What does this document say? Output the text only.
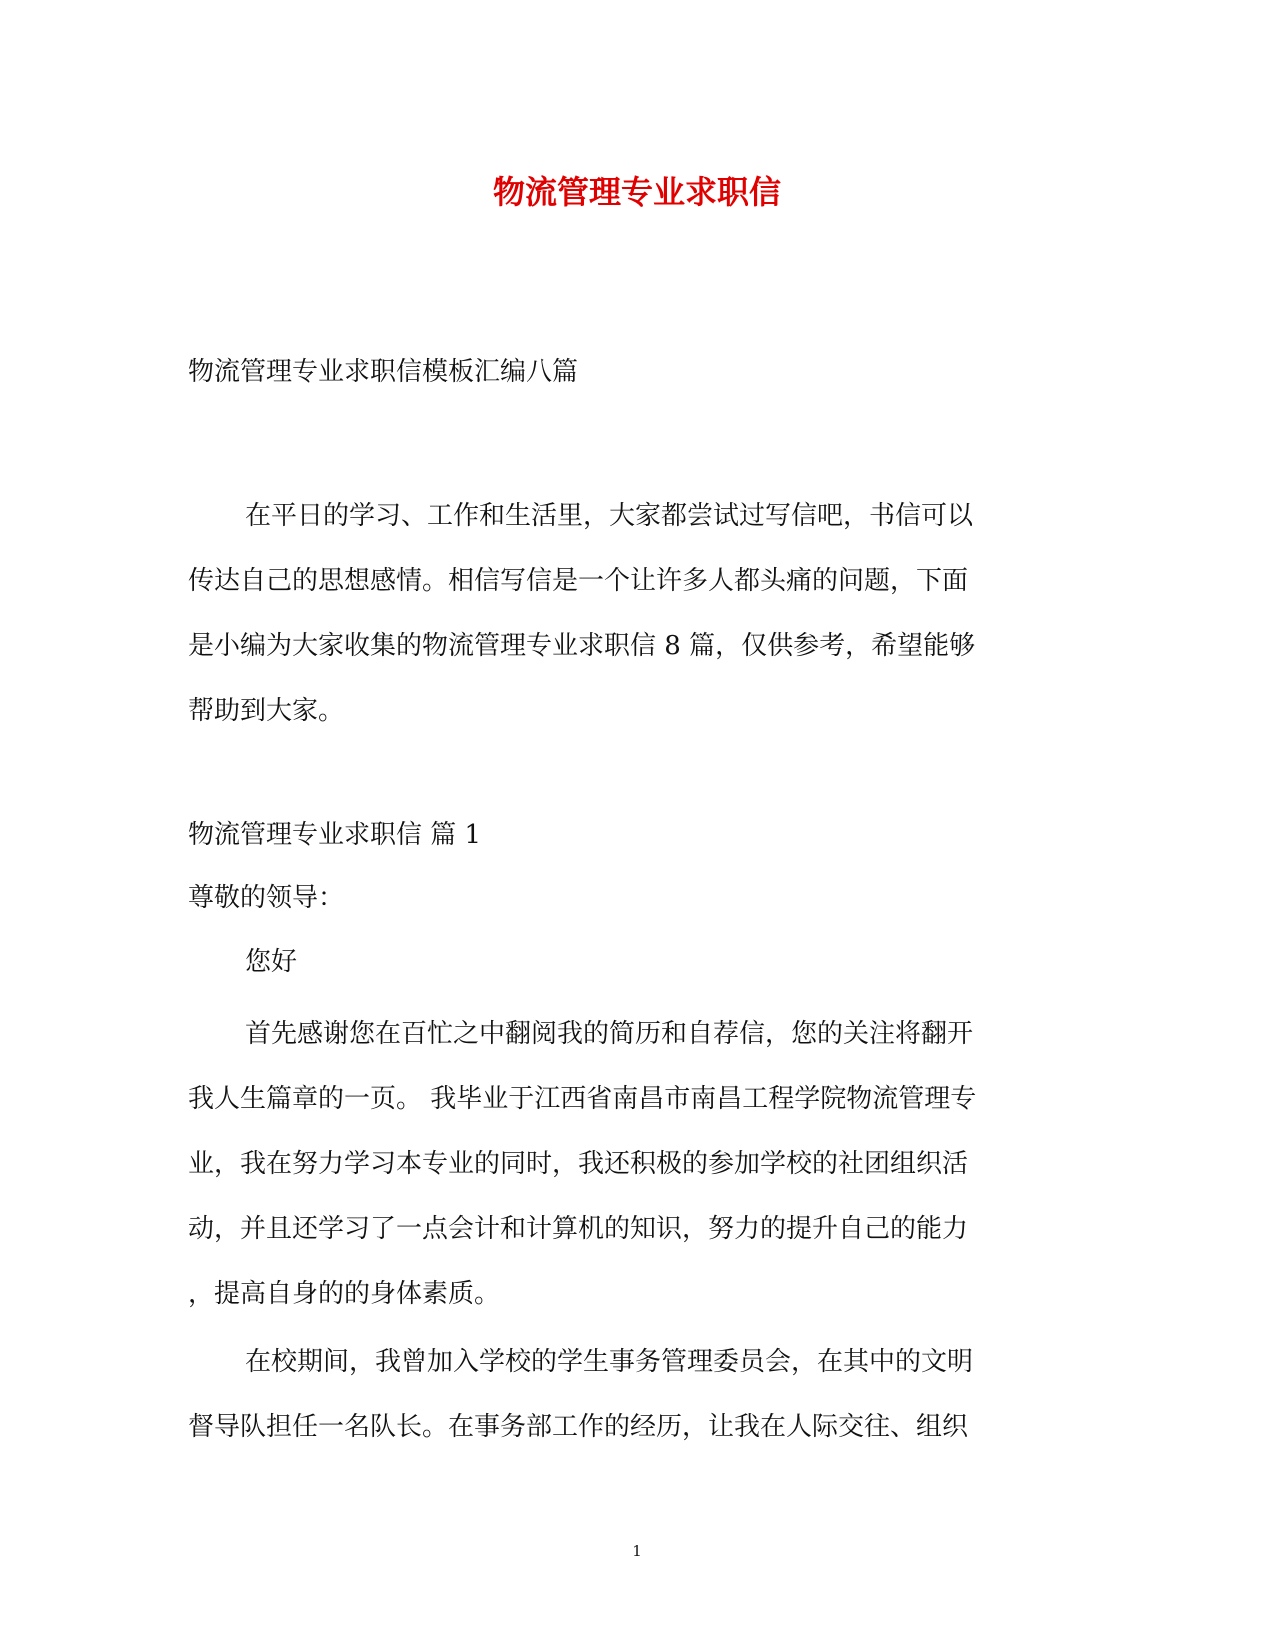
物流管理专业求职信

物流管理专业求职信模板汇编八篇

在平日的学习、工作和生活里，大家都尝试过写信吧，书信可以
传达自己的思想感情。相信写信是一个让许多人都头痛的问题，下面
是小编为大家收集的物流管理专业求职信 8 篇，仅供参考，希望能够
帮助到大家。

物流管理专业求职信 篇 1

尊敬的领导：

您好

首先感谢您在百忙之中翻阅我的简历和自荐信，您的关注将翻开
我人生篇章的一页。 我毕业于江西省南昌市南昌工程学院物流管理专
业，我在努力学习本专业的同时，我还积极的参加学校的社团组织活
动，并且还学习了一点会计和计算机的知识，努力的提升自己的能力
，提高自身的的身体素质。

在校期间，我曾加入学校的学生事务管理委员会，在其中的文明
督导队担任一名队长。在事务部工作的经历，让我在人际交往、组织

1
